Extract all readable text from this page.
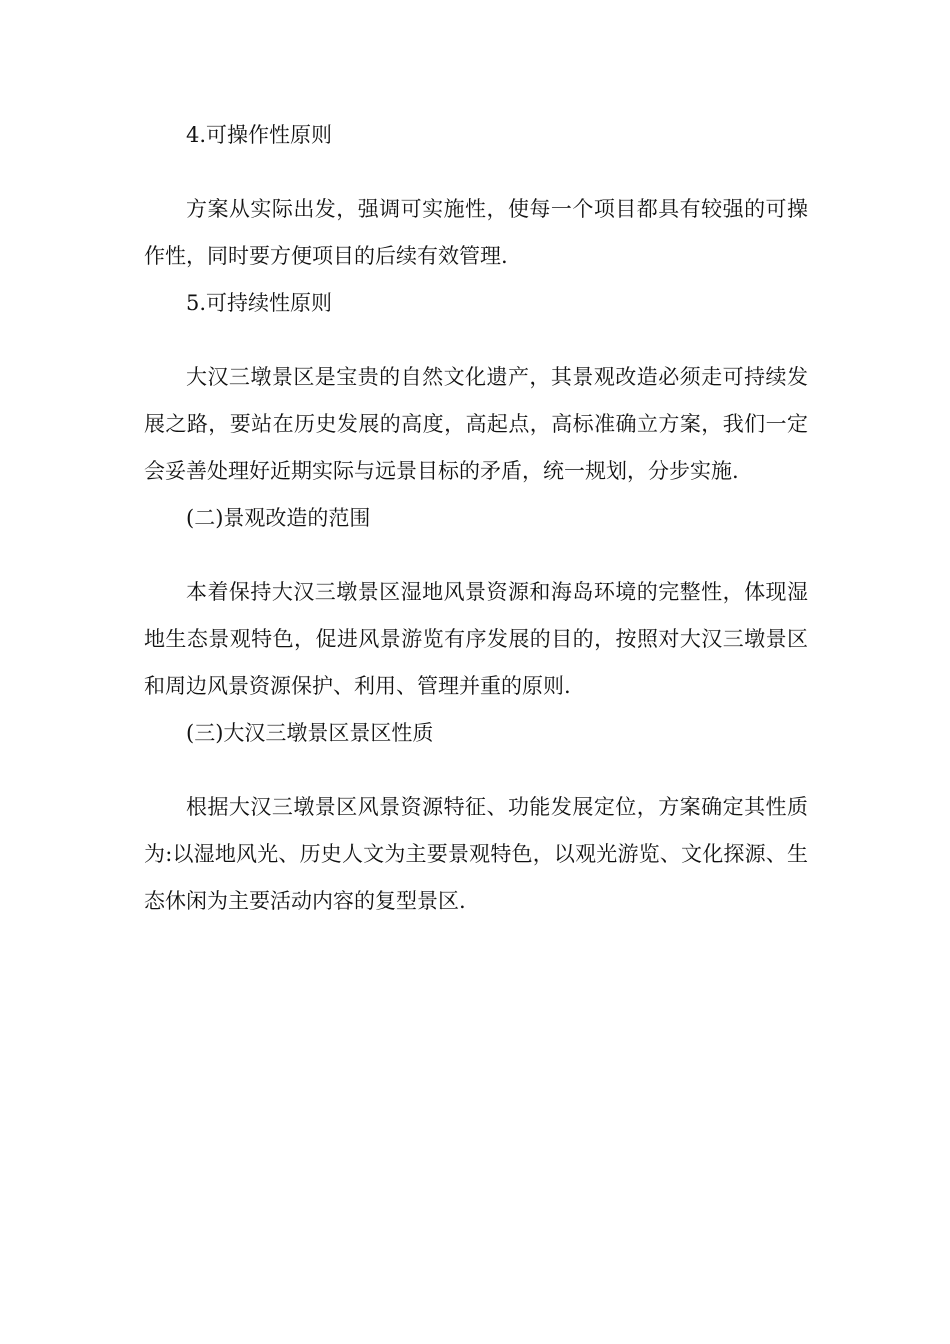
4.可操作性原则

方案从实际出发，强调可实施性，使每一个项目都具有较强的可操作性，同时要方便项目的后续有效管理.

5.可持续性原则

大汉三墩景区是宝贵的自然文化遗产，其景观改造必须走可持续发展之路，要站在历史发展的高度，高起点，高标准确立方案，我们一定会妥善处理好近期实际与远景目标的矛盾，统一规划，分步实施.

(二)景观改造的范围

本着保持大汉三墩景区湿地风景资源和海岛环境的完整性，体现湿地生态景观特色，促进风景游览有序发展的目的，按照对大汉三墩景区和周边风景资源保护、利用、管理并重的原则.

(三)大汉三墩景区景区性质

根据大汉三墩景区风景资源特征、功能发展定位，方案确定其性质为:以湿地风光、历史人文为主要景观特色，以观光游览、文化探源、生态休闲为主要活动内容的复型景区.
